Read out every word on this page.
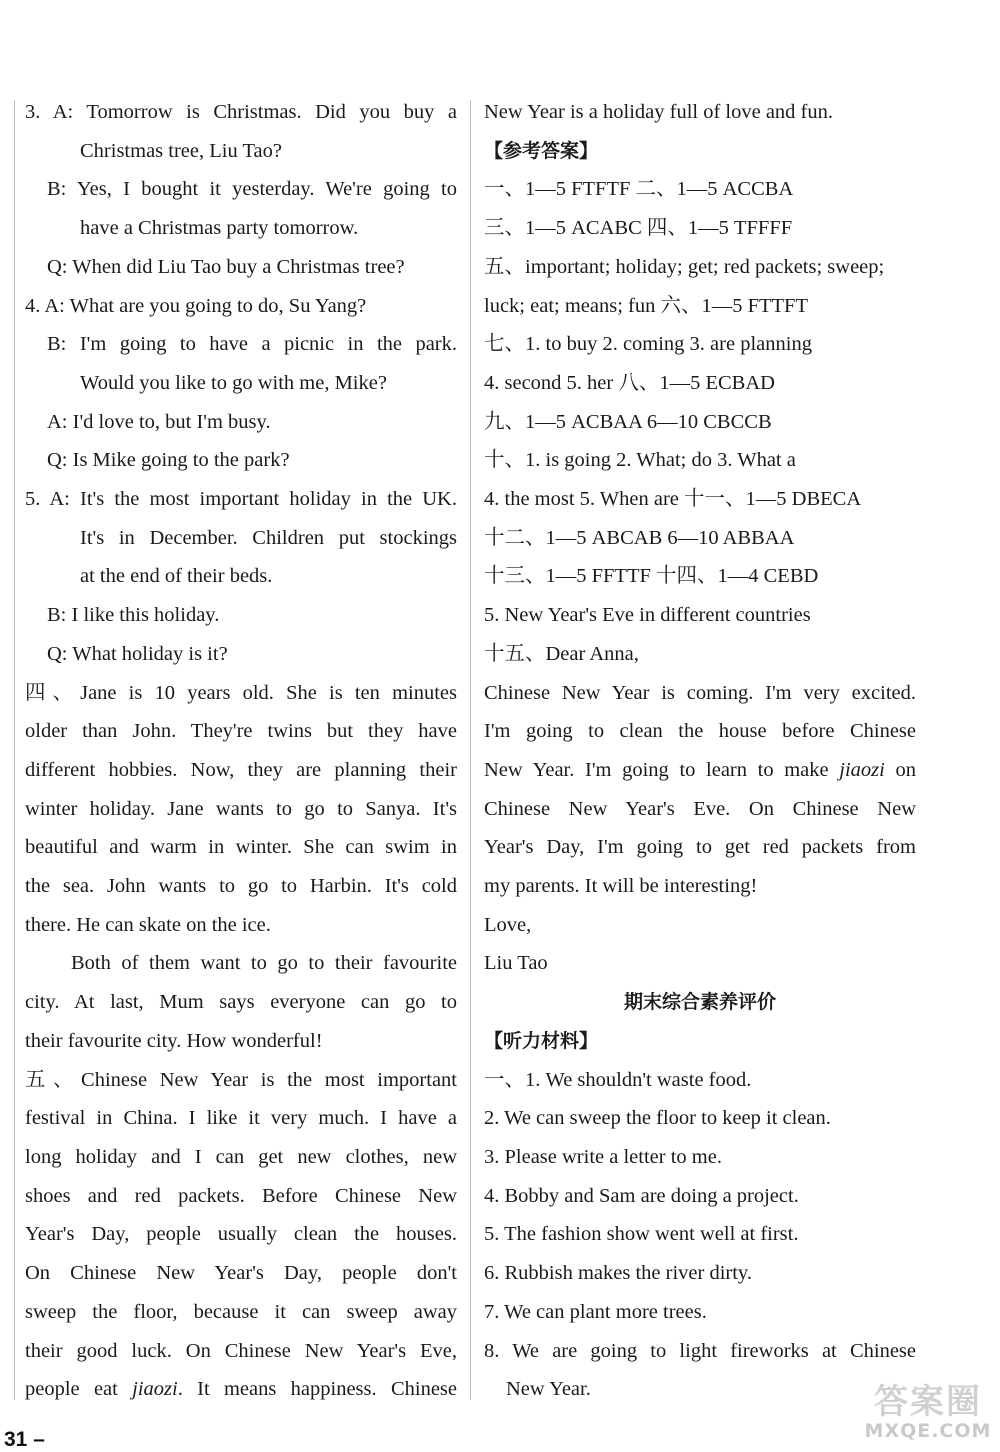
3. A: Tomorrow is Christmas. Did you buy a
Christmas tree, Liu Tao?
B: Yes, I bought it yesterday. We're going to
have a Christmas party tomorrow.
Q: When did Liu Tao buy a Christmas tree?
4. A: What are you going to do, Su Yang?
B: I'm going to have a picnic in the park.
Would you like to go with me, Mike?
A: I'd love to, but I'm busy.
Q: Is Mike going to the park?
5. A: It's the most important holiday in the UK.
It's in December. Children put stockings
at the end of their beds.
B: I like this holiday.
Q: What holiday is it?
四、Jane is 10 years old. She is ten minutes
older than John. They're twins but they have
different hobbies. Now, they are planning their
winter holiday. Jane wants to go to Sanya. It's
beautiful and warm in winter. She can swim in
the sea. John wants to go to Harbin. It's cold
there. He can skate on the ice.
Both of them want to go to their favourite
city. At last, Mum says everyone can go to
their favourite city. How wonderful!
五、Chinese New Year is the most important
festival in China. I like it very much. I have a
long holiday and I can get new clothes, new
shoes and red packets. Before Chinese New
Year's Day, people usually clean the houses.
On Chinese New Year's Day, people don't
sweep the floor, because it can sweep away
their good luck. On Chinese New Year's Eve,
people eat jiaozi. It means happiness. Chinese
New Year is a holiday full of love and fun.
【参考答案】
一、1—5 FTFTF 二、1—5 ACCBA
三、1—5 ACABC 四、1—5 TFFFF
五、important; holiday; get; red packets; sweep;
luck; eat; means; fun 六、1—5 FTTFT
七、1. to buy 2. coming 3. are planning
4. second 5. her 八、1—5 ECBAD
九、1—5 ACBAA 6—10 CBCCB
十、1. is going 2. What; do 3. What a
4. the most 5. When are 十一、1—5 DBECA
十二、1—5 ABCAB 6—10 ABBAA
十三、1—5 FFTTF 十四、1—4 CEBD
5. New Year's Eve in different countries
十五、Dear Anna,
Chinese New Year is coming. I'm very excited.
I'm going to clean the house before Chinese
New Year. I'm going to learn to make jiaozi on
Chinese New Year's Eve. On Chinese New
Year's Day, I'm going to get red packets from
my parents. It will be interesting!
Love,
Liu Tao
期末综合素养评价
【听力材料】
一、1. We shouldn't waste food.
2. We can sweep the floor to keep it clean.
3. Please write a letter to me.
4. Bobby and Sam are doing a project.
5. The fashion show went well at first.
6. Rubbish makes the river dirty.
7. We can plant more trees.
8. We are going to light fireworks at Chinese
New Year.
31 –
答案圈
MXQE.COM
